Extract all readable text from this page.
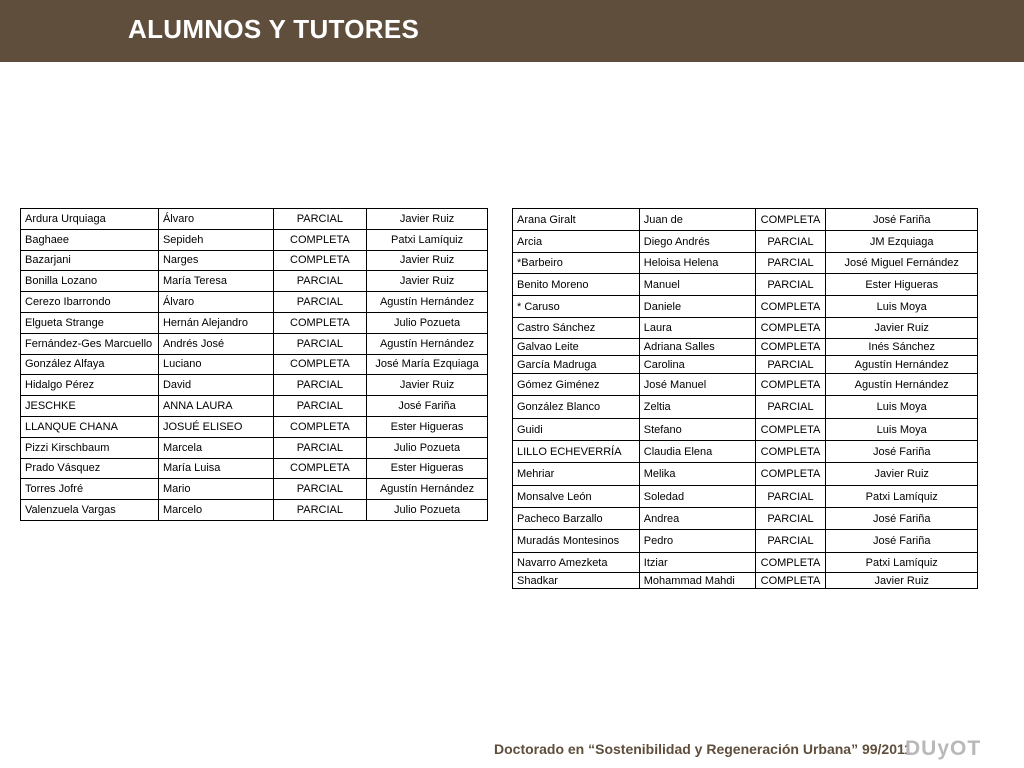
ALUMNOS Y TUTORES
Ardura Urquiaga	Álvaro	PARCIAL	Javier Ruiz
Baghaee	Sepideh	COMPLETA	Patxi Lamíquiz
Bazarjani	Narges	COMPLETA	Javier Ruiz
Bonilla Lozano	María Teresa	PARCIAL	Javier Ruiz
Cerezo Ibarrondo	Álvaro	PARCIAL	Agustín Hernández
Elgueta Strange	Hernán Alejandro	COMPLETA	Julio Pozueta
Fernández-Ges Marcuello	Andrés José	PARCIAL	Agustín Hernández
González Alfaya	Luciano	COMPLETA	José María Ezquiaga
Hidalgo Pérez	David	PARCIAL	Javier Ruiz
JESCHKE	ANNA LAURA	PARCIAL	José Fariña
LLANQUE CHANA	JOSUÉ ELISEO	COMPLETA	Ester Higueras
Pizzi Kirschbaum	Marcela	PARCIAL	Julio Pozueta
Prado Vásquez	María Luisa	COMPLETA	Ester Higueras
Torres Jofré	Mario	PARCIAL	Agustín Hernández
Valenzuela Vargas	Marcelo	PARCIAL	Julio Pozueta
Arana Giralt	Juan de	COMPLETA	José Fariña
Arcia	Diego Andrés	PARCIAL	JM Ezquiaga
*Barbeiro	Heloisa Helena	PARCIAL	José Miguel Fernández
Benito Moreno	Manuel	PARCIAL	Ester Higueras
* Caruso	Daniele	COMPLETA	Luis Moya
Castro Sánchez	Laura	COMPLETA	Javier Ruiz
Galvao Leite	Adriana Salles	COMPLETA	Inés Sánchez
García Madruga	Carolina	PARCIAL	Agustín Hernández
Gómez Giménez	José Manuel	COMPLETA	Agustín Hernández
González Blanco	Zeltia	PARCIAL	Luis Moya
Guidi	Stefano	COMPLETA	Luis Moya
LILLO ECHEVERRÍA	Claudia Elena	COMPLETA	José Fariña
Mehriar	Melika	COMPLETA	Javier Ruiz
Monsalve León	Soledad	PARCIAL	Patxi Lamíquiz
Pacheco Barzallo	Andrea	PARCIAL	José Fariña
Muradás Montesinos	Pedro	PARCIAL	José Fariña
Navarro Amezketa	Itziar	COMPLETA	Patxi Lamíquiz
Shadkar	Mohammad Mahdi	COMPLETA	Javier Ruiz
Doctorado en “Sostenibilidad y Regeneración Urbana” 99/2011
DUyOT
